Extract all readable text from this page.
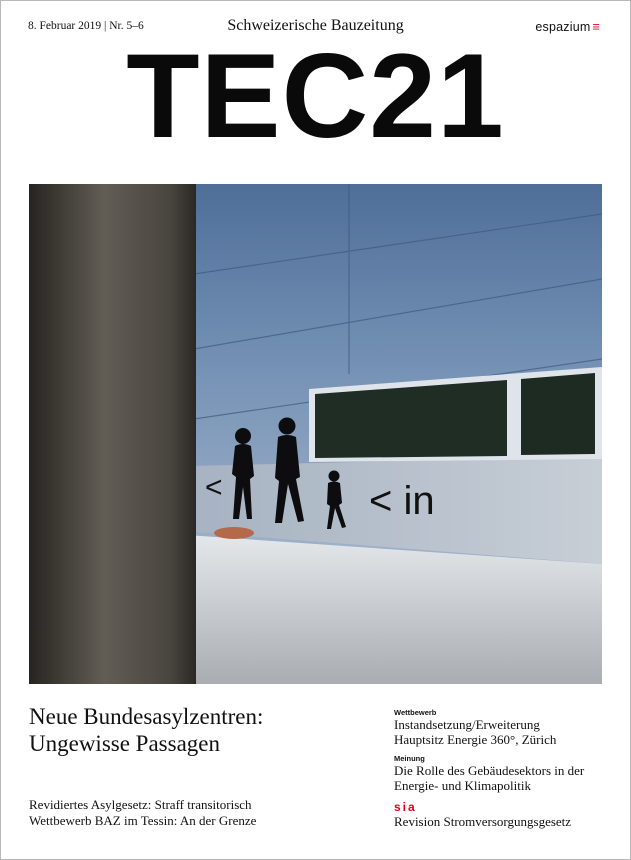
8. Februar 2019 | Nr. 5–6	Schweizerische Bauzeitung	espazium ≡
TEC21
<	< in
Neue Bundesasylzentren:
Ungewisse Passagen
Revidiertes Asylgesetz: Straff transitorisch
Wettbewerb BAZ im Tessin: An der Grenze

Wettbewerb

Instandsetzung/Erweiterung

Hauptsitz Energie 360°, Zürich

Meinung

Die Rolle des Gebäudesektors in der

Energie- und Klimapolitik

sia

Revision Stromversorgungsgesetz
